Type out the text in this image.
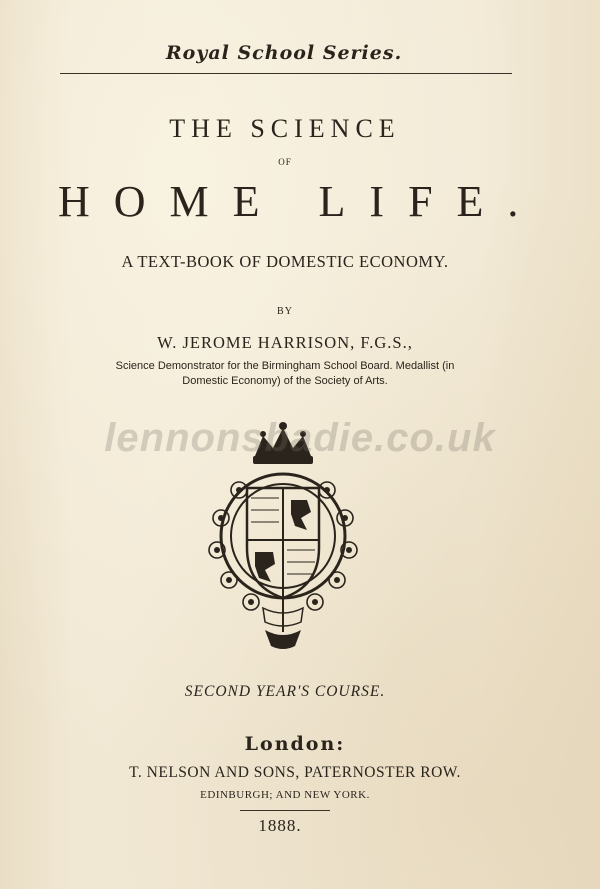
Royal School Series.
THE SCIENCE
OF
HOME LIFE.
A TEXT-BOOK OF DOMESTIC ECONOMY.
BY
W. JEROME HARRISON, F.G.S.,
Science Demonstrator for the Birmingham School Board. Medallist (in Domestic Economy) of the Society of Arts.
lennonsbadie.co.uk
SECOND YEAR'S COURSE.
London:
T. NELSON AND SONS, PATERNOSTER ROW.
EDINBURGH; AND NEW YORK.
1888.
